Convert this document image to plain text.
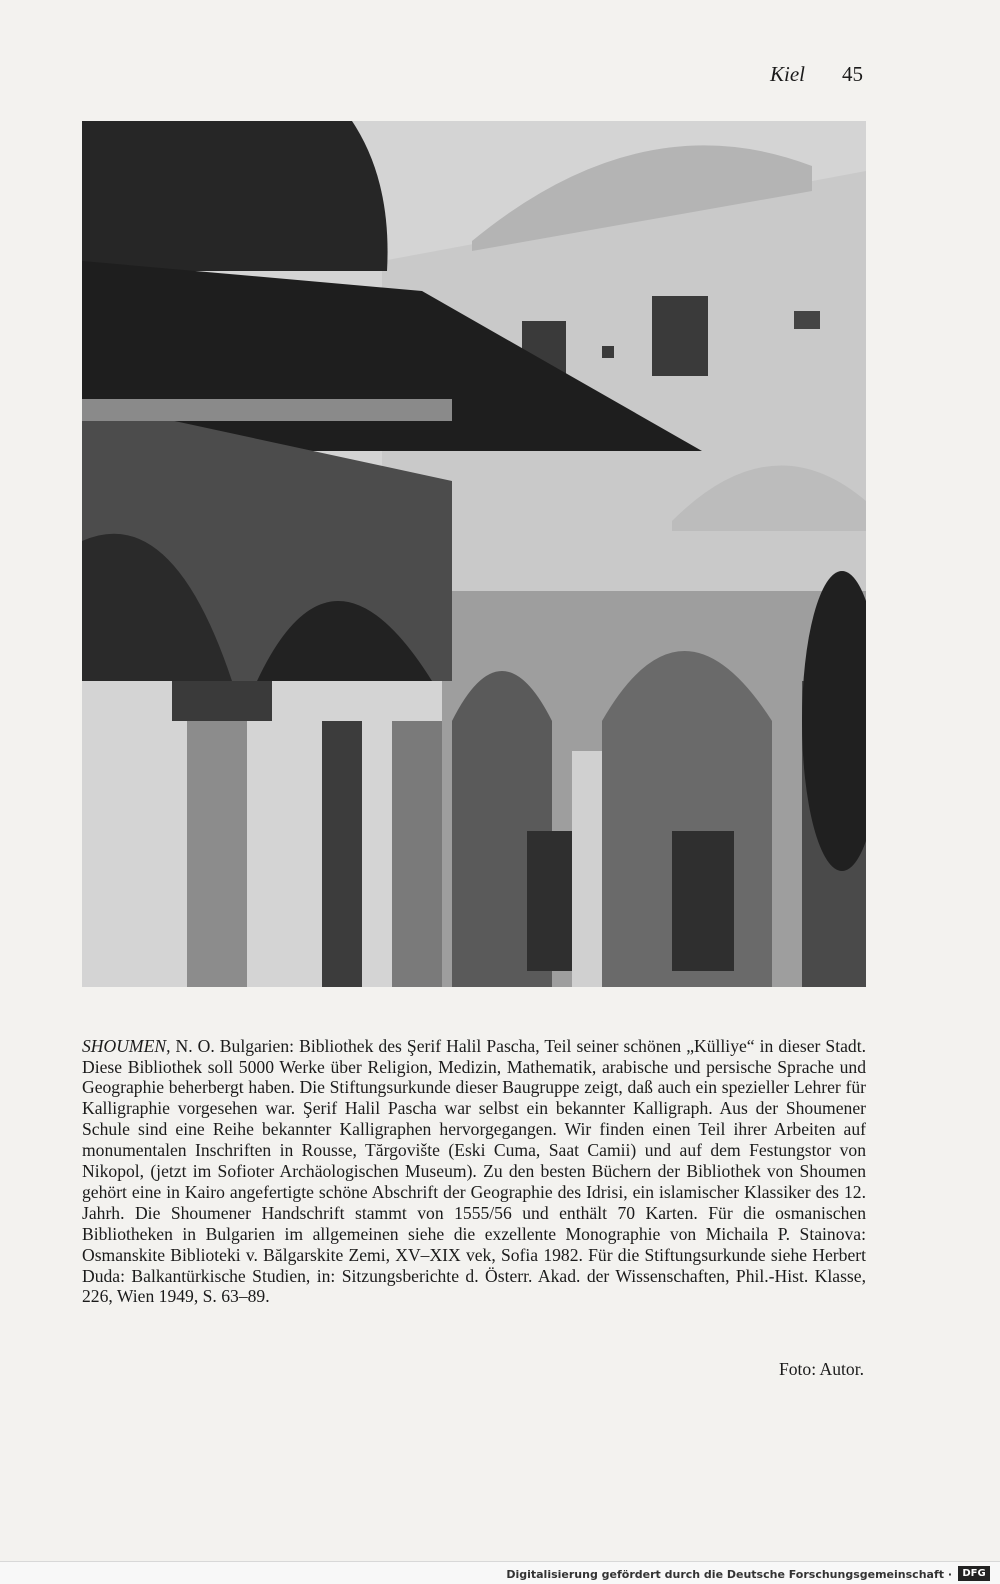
Kiel 45

SHOUMEN, N. O. Bulgarien: Bibliothek des Şerif Halil Pascha, Teil seiner schönen „Külliye“ in dieser Stadt. Diese Bibliothek soll 5000 Werke über Religion, Medizin, Mathematik, arabische und persische Sprache und Geographie beherbergt haben. Die Stiftungsurkunde dieser Baugruppe zeigt, daß auch ein spezieller Lehrer für Kalligraphie vorgesehen war. Şerif Halil Pascha war selbst ein bekannter Kalligraph. Aus der Shoumener Schule sind eine Reihe bekannter Kalligraphen hervorgegangen. Wir finden einen Teil ihrer Arbeiten auf monumentalen Inschriften in Rousse, Tărgovište (Eski Cuma, Saat Camii) und auf dem Festungstor von Nikopol, (jetzt im Sofioter Archäologischen Museum). Zu den besten Büchern der Bibliothek von Shoumen gehört eine in Kairo angefertigte schöne Abschrift der Geographie des Idrisi, ein islamischer Klassiker des 12. Jahrh. Die Shoumener Handschrift stammt von 1555/56 und enthält 70 Karten. Für die osmanischen Bibliotheken in Bulgarien im allgemeinen siehe die exzellente Monographie von Michaila P. Stainova: Osmanskite Biblioteki v. Bălgarskite Zemi, XV–XIX vek, Sofia 1982. Für die Stiftungsurkunde siehe Herbert Duda: Balkantürkische Studien, in: Sitzungsberichte d. Österr. Akad. der Wissenschaften, Phil.-Hist. Klasse, 226, Wien 1949, S. 63–89.

Foto: Autor.
Digitalisierung gefördert durch die Deutsche Forschungsgemeinschaft ·	DFG
